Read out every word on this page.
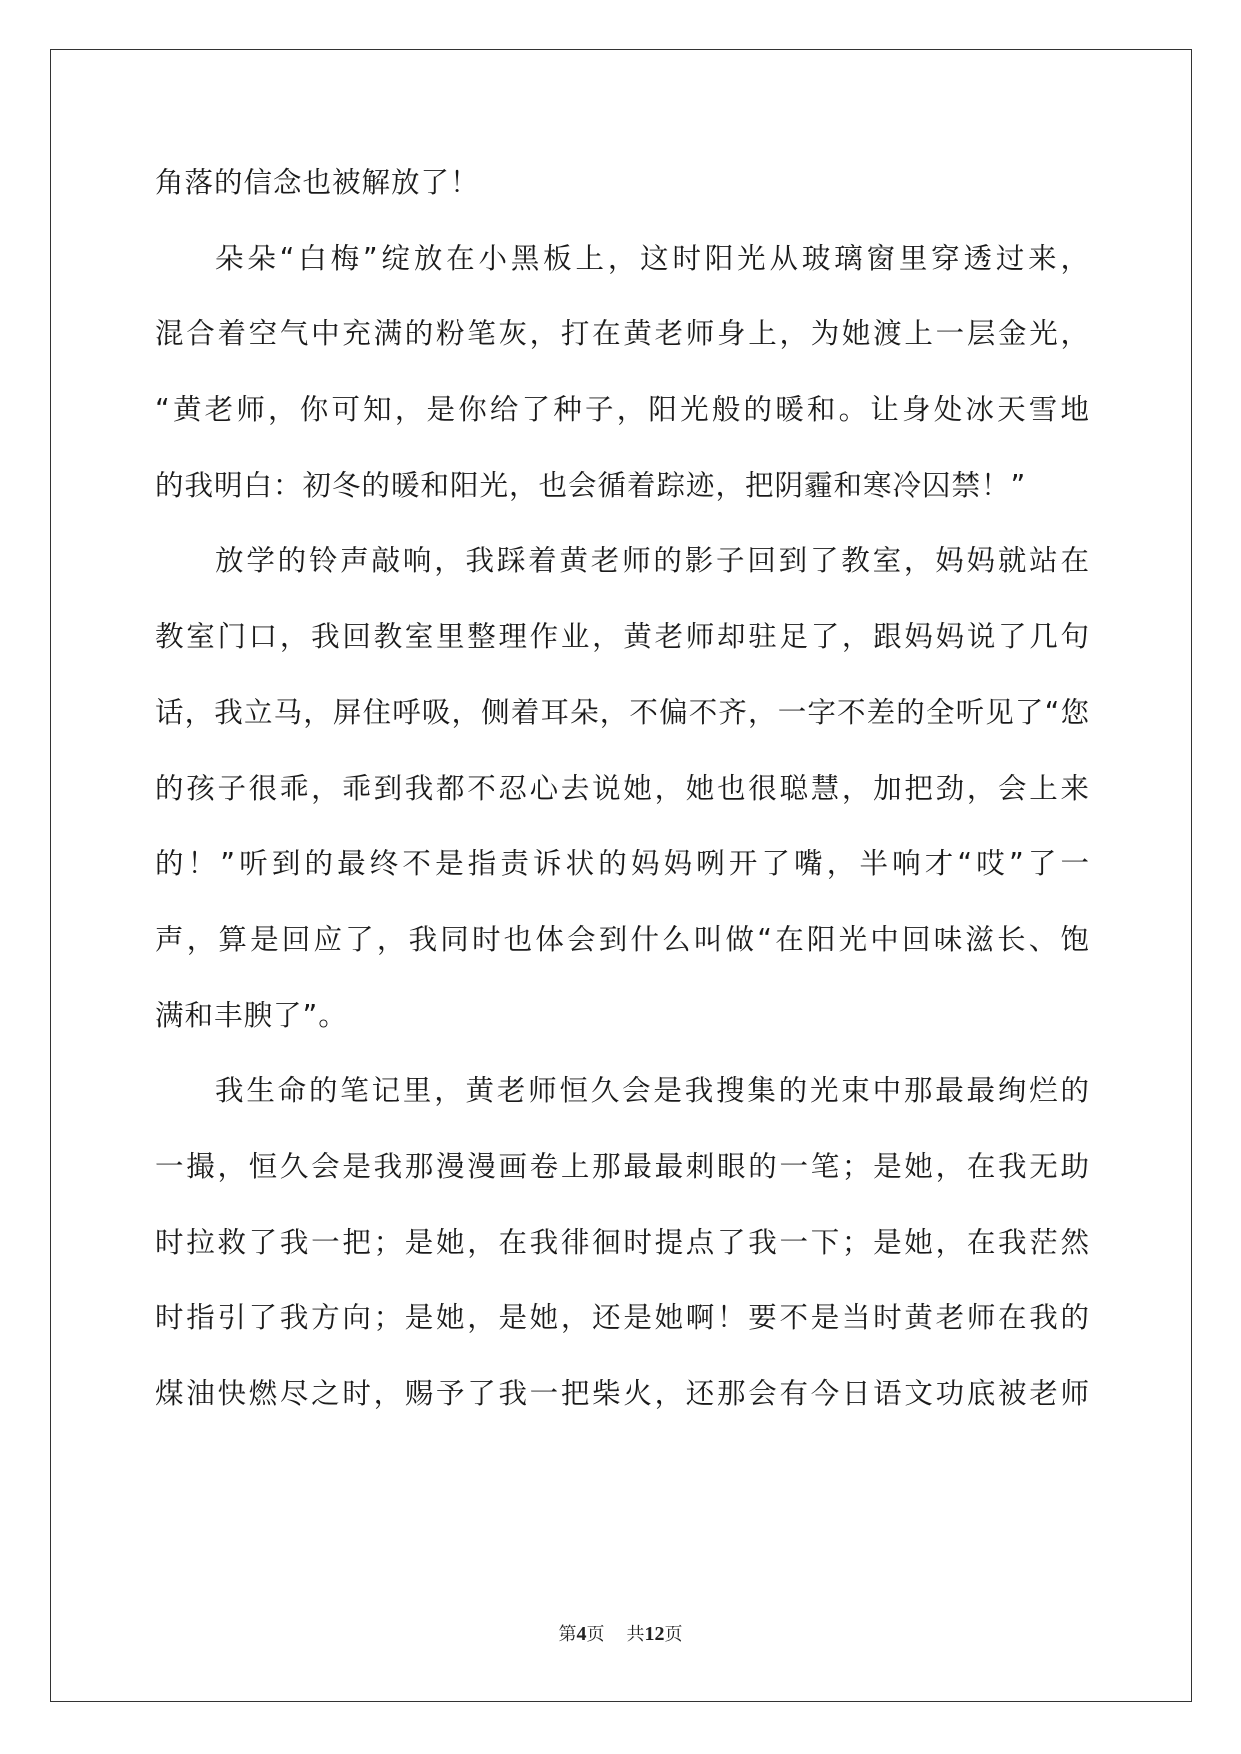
角落的信念也被解放了！
朵朵“白梅”绽放在小黑板上，这时阳光从玻璃窗里穿透过来，
混合着空气中充满的粉笔灰，打在黄老师身上，为她渡上一层金光，
“黄老师，你可知，是你给了种子，阳光般的暖和。让身处冰天雪地
的我明白：初冬的暖和阳光，也会循着踪迹，把阴霾和寒冷囚禁！”
放学的铃声敲响，我踩着黄老师的影子回到了教室，妈妈就站在
教室门口，我回教室里整理作业，黄老师却驻足了，跟妈妈说了几句
话，我立马，屏住呼吸，侧着耳朵，不偏不齐，一字不差的全听见了“您
的孩子很乖，乖到我都不忍心去说她，她也很聪慧，加把劲，会上来
的！”听到的最终不是指责诉状的妈妈咧开了嘴，半响才“哎”了一
声，算是回应了，我同时也体会到什么叫做“在阳光中回味滋长、饱
满和丰腴了”。
我生命的笔记里，黄老师恒久会是我搜集的光束中那最最绚烂的
一撮，恒久会是我那漫漫画卷上那最最刺眼的一笔；是她，在我无助
时拉救了我一把；是她，在我徘徊时提点了我一下；是她，在我茫然
时指引了我方向；是她，是她，还是她啊！要不是当时黄老师在我的
煤油快燃尽之时，赐予了我一把柴火，还那会有今日语文功底被老师
第4页 共12页
